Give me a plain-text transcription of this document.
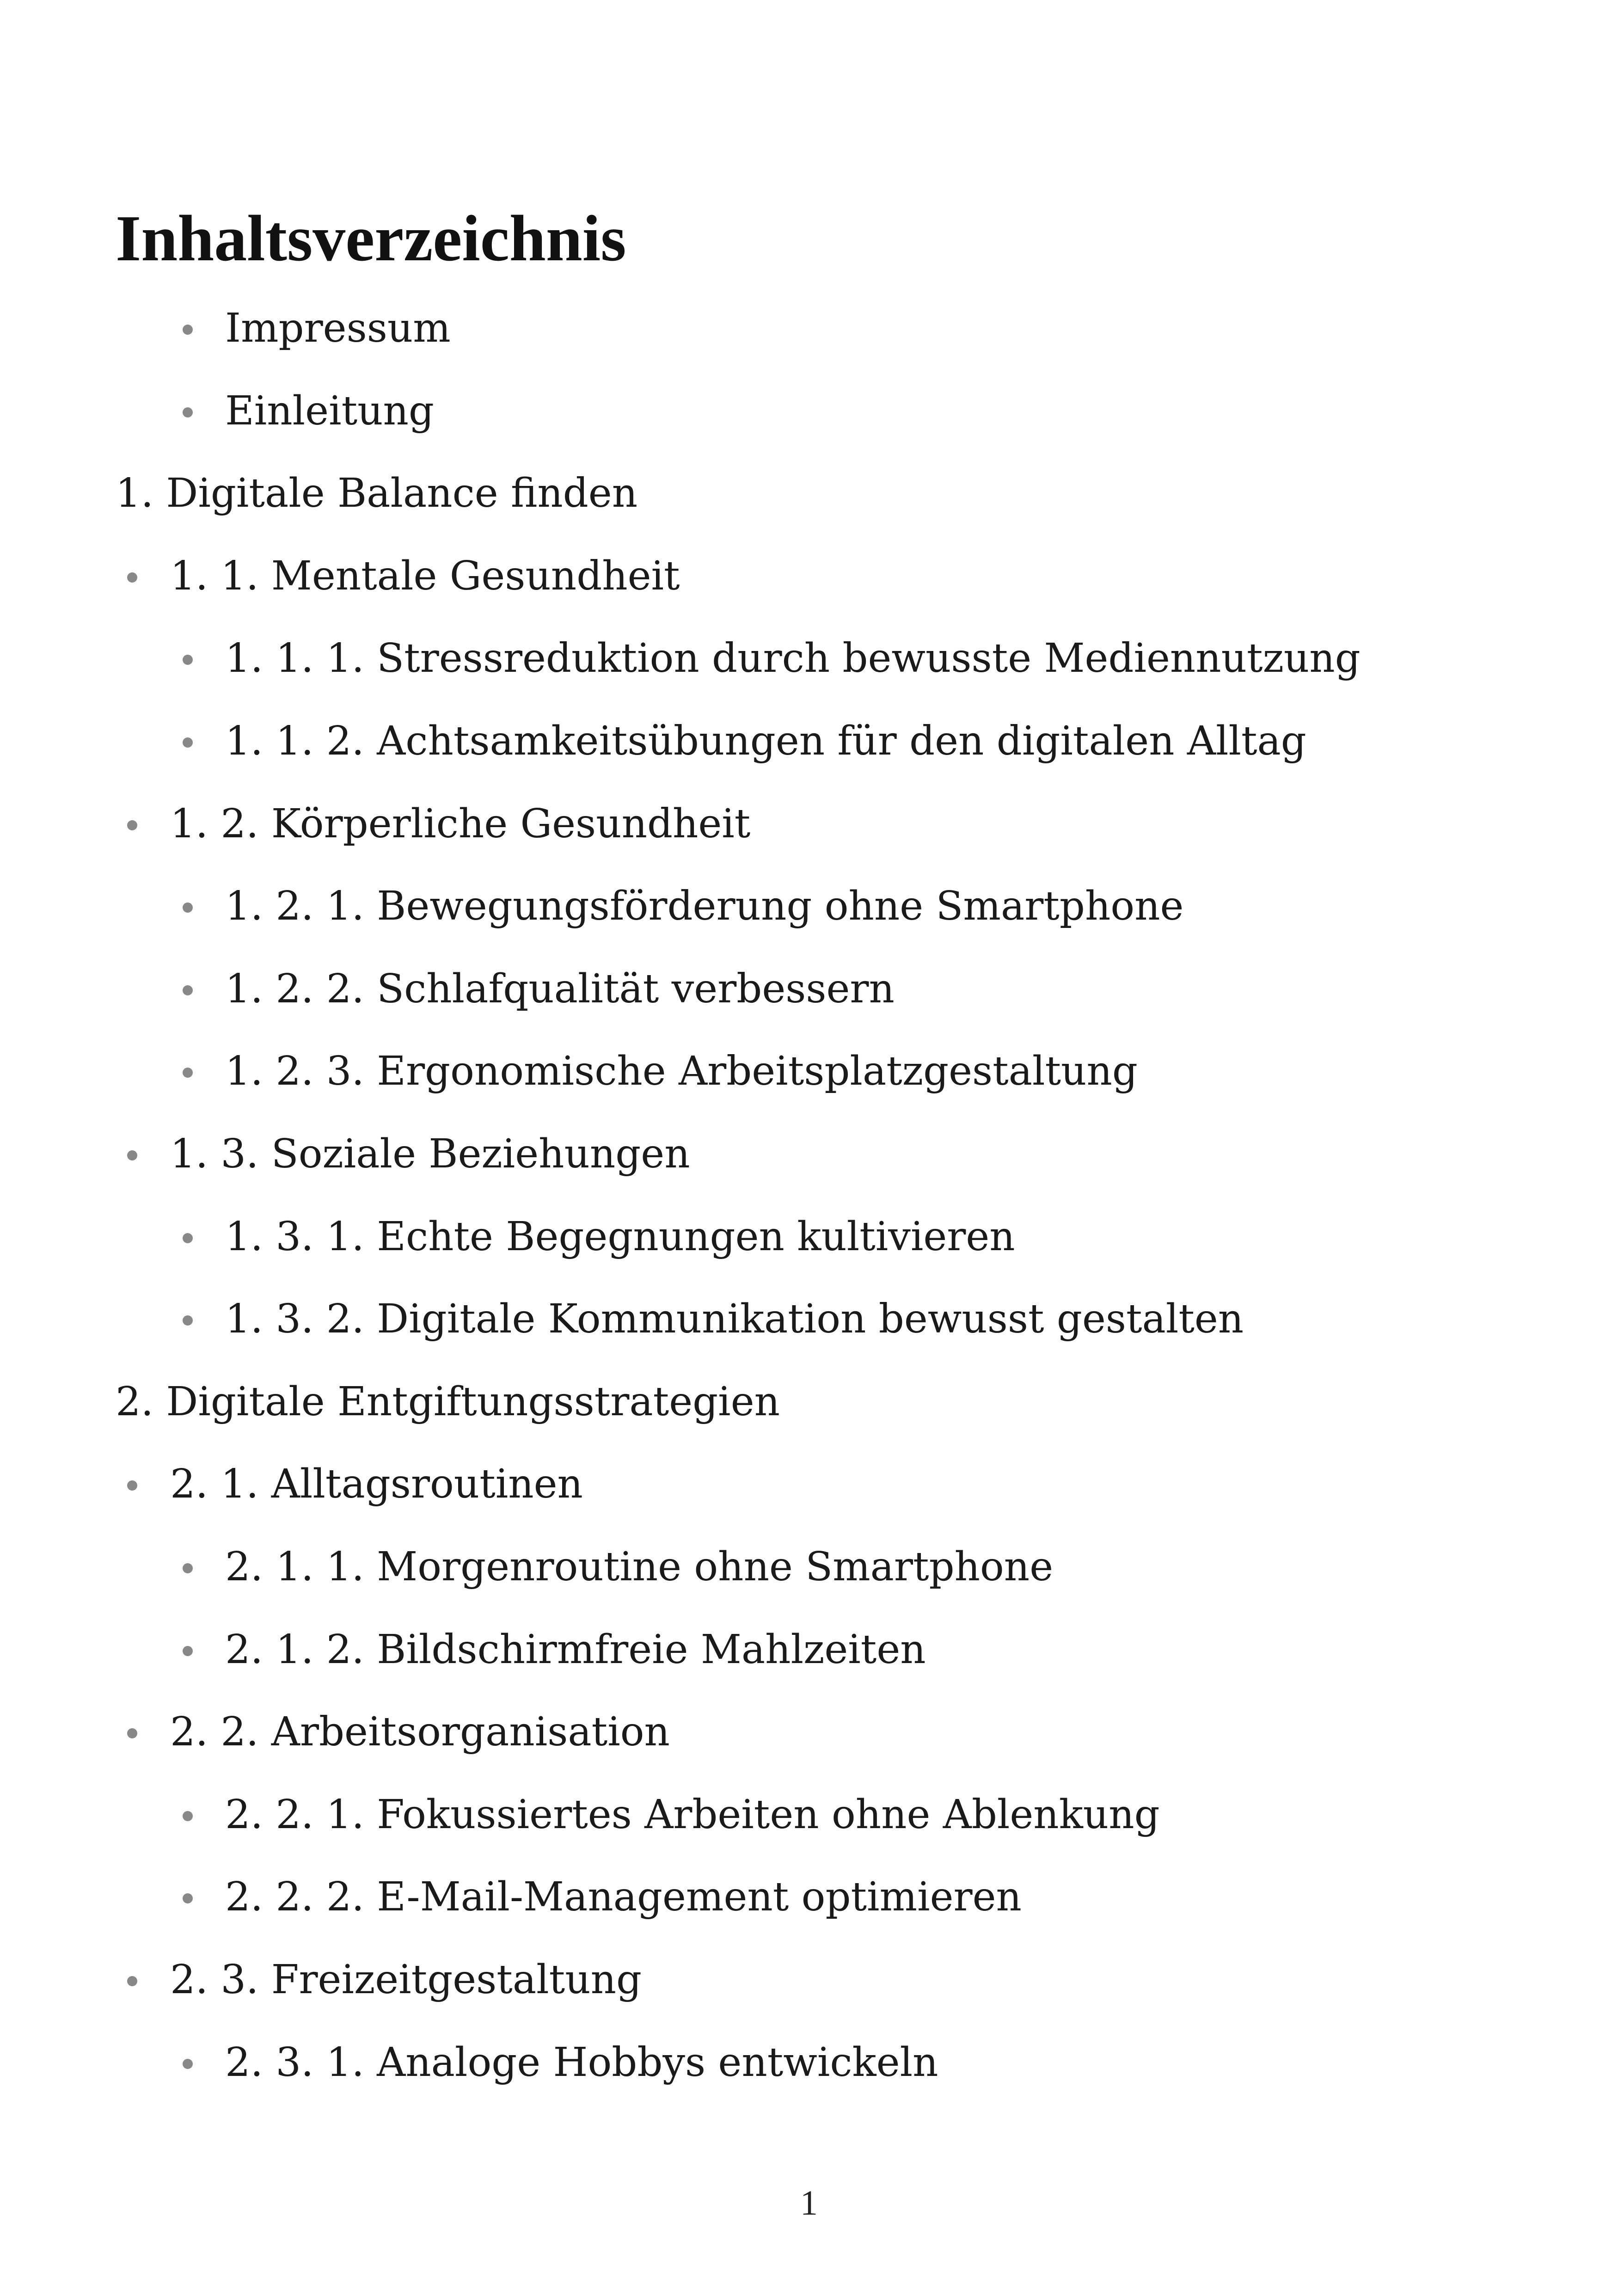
Inhaltsverzeichnis
Impressum
Einleitung
1. Digitale Balance finden
1. 1. Mentale Gesundheit
1. 1. 1. Stressreduktion durch bewusste Mediennutzung
1. 1. 2. Achtsamkeitsübungen für den digitalen Alltag
1. 2. Körperliche Gesundheit
1. 2. 1. Bewegungsförderung ohne Smartphone
1. 2. 2. Schlafqualität verbessern
1. 2. 3. Ergonomische Arbeitsplatzgestaltung
1. 3. Soziale Beziehungen
1. 3. 1. Echte Begegnungen kultivieren
1. 3. 2. Digitale Kommunikation bewusst gestalten
2. Digitale Entgiftungsstrategien
2. 1. Alltagsroutinen
2. 1. 1. Morgenroutine ohne Smartphone
2. 1. 2. Bildschirmfreie Mahlzeiten
2. 2. Arbeitsorganisation
2. 2. 1. Fokussiertes Arbeiten ohne Ablenkung
2. 2. 2. E-Mail-Management optimieren
2. 3. Freizeitgestaltung
2. 3. 1. Analoge Hobbys entwickeln
1
